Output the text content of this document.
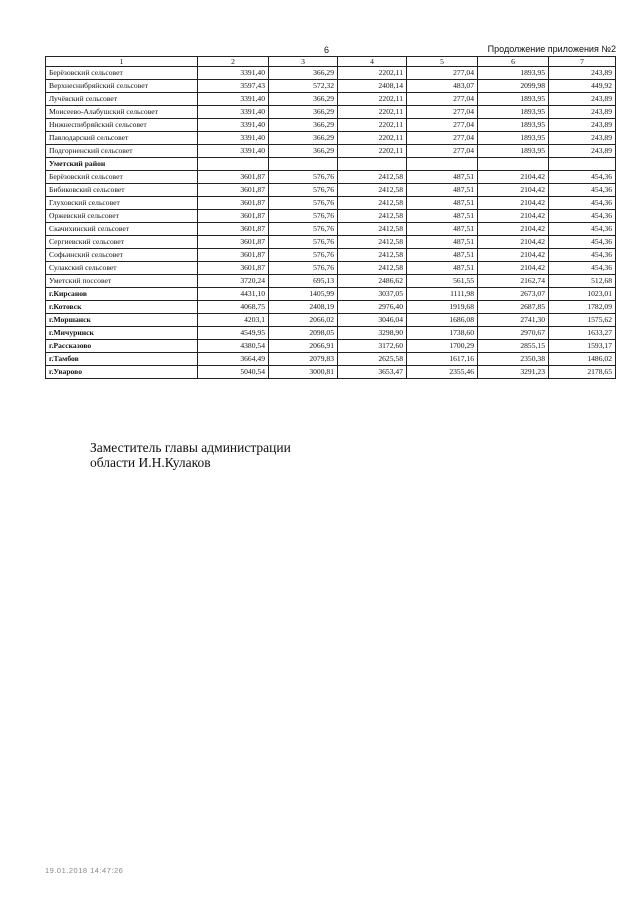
6	Продолжение приложения №2
1	2	3	4	5	6	7
Берёзовский сельсовет	3391,40	366,29	2202,11	277,04	1893,95	243,89
Верхнеснибряйский сельсовет	3597,43	572,32	2408,14	483,07	2099,98	449,92
Лучёвский сельсовет	3391,40	366,29	2202,11	277,04	1893,95	243,89
Моисеево-Алабушский сельсовет	3391,40	366,29	2202,11	277,04	1893,95	243,89
Нижнеспибряйский сельсовет	3391,40	366,29	2202,11	277,04	1893,95	243,89
Павлодарский сельсовет	3391,40	366,29	2202,11	277,04	1893,95	243,89
Подгорненский сельсовет	3391,40	366,29	2202,11	277,04	1893,95	243,89
Уметский район						
Берёзовский сельсовет	3601,87	576,76	2412,58	487,51	2104,42	454,36
Бибиковский сельсовет	3601,87	576,76	2412,58	487,51	2104,42	454,36
Глуховский сельсовет	3601,87	576,76	2412,58	487,51	2104,42	454,36
Оржевский сельсовет	3601,87	576,76	2412,58	487,51	2104,42	454,36
Скачихинский сельсовет	3601,87	576,76	2412,58	487,51	2104,42	454,36
Сергиевский сельсовет	3601,87	576,76	2412,58	487,51	2104,42	454,36
Софьинский сельсовет	3601,87	576,76	2412,58	487,51	2104,42	454,36
Сулакский сельсовет	3601,87	576,76	2412,58	487,51	2104,42	454,36
Уметский поссовет	3720,24	695,13	2486,62	561,55	2162,74	512,68
г.Кирсанов	4431,10	1405,99	3037,05	1111,98	2673,07	1023,01
г.Котовск	4068,75	2408,19	2976,40	1919,68	2687,85	1782,09
г.Моршанск	4203,1	2066,02	3046,04	1686,08	2741,30	1575,62
г.Мичуринск	4549,95	2098,05	3298,90	1738,60	2970,67	1633,27
г.Рассказово	4380,54	2066,91	3172,60	1700,29	2855,15	1593,17
г.Тамбов	3664,49	2079,83	2625,58	1617,16	2350,38	1486,02
г.Уварово	5040,54	3000,81	3653,47	2355,46	3291,23	2178,65
Заместитель главы администрации
области И.Н.Кулаков
19.01.2018 14:47:26
